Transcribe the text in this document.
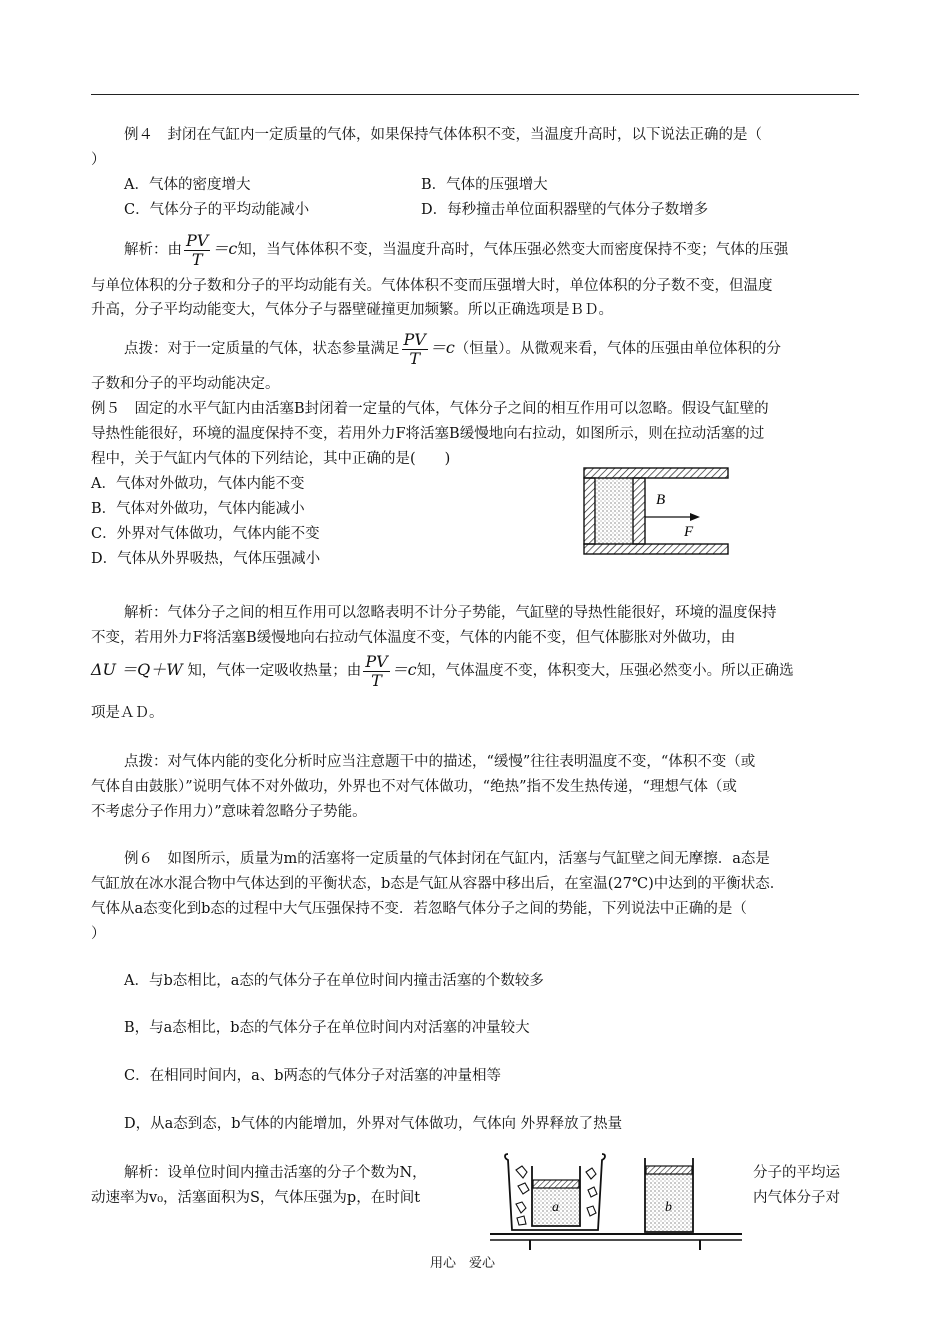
例４　封闭在气缸内一定质量的气体，如果保持气体体积不变，当温度升高时，以下说法正确的是（
）
A．气体的密度增大	B．气体的压强增大
C．气体分子的平均动能减小	D．每秒撞击单位面积器壁的气体分子数增多
解析：由 $\frac{PV}{T} =c$知，当气体体积不变，当温度升高时，气体压强必然变大而密度保持不变；气体的压强
与单位体积的分子数和分子的平均动能有关。气体体积不变而压强增大时，单位体积的分子数不变，但温度
升高，分子平均动能变大，气体分子与器壁碰撞更加频繁。所以正确选项是ＢＤ。
点拨：对于一定质量的气体，状态参量满足 $\frac{PV}{T} =c$（恒量）。从微观来看，气体的压强由单位体积的分
子数和分子的平均动能决定。
例５　固定的水平气缸内由活塞B封闭着一定量的气体，气体分子之间的相互作用可以忽略。假设气缸壁的
导热性能很好，环境的温度保持不变，若用外力F将活塞B缓慢地向右拉动，如图所示，则在拉动活塞的过
程中，关于气缸内气体的下列结论，其中正确的是(　　)
A．气体对外做功，气体内能不变
B．气体对外做功，气体内能减小
C．外界对气体做功，气体内能不变
D．气体从外界吸热，气体压强减小
B
F
解析：气体分子之间的相互作用可以忽略表明不计分子势能，气缸壁的导热性能很好，环境的温度保持
不变，若用外力F将活塞B缓慢地向右拉动气体温度不变，气体的内能不变，但气体膨胀对外做功，由
ΔU ＝Q＋W 知，气体一定吸收热量；由 $\frac{PV}{T} =c$知，气体温度不变，体积变大，压强必然变小。所以正确选
项是ＡＤ。
点拨：对气体内能的变化分析时应当注意题干中的描述，“缓慢”往往表明温度不变，“体积不变（或
气体自由鼓胀）”说明气体不对外做功，外界也不对气体做功，“绝热”指不发生热传递，“理想气体（或
不考虑分子作用力）”意味着忽略分子势能。
例６　如图所示，质量为m的活塞将一定质量的气体封闭在气缸内，活塞与气缸壁之间无摩擦．a态是
气缸放在冰水混合物中气体达到的平衡状态，b态是气缸从容器中移出后，在室温(27℃)中达到的平衡状态．
气体从a态变化到b态的过程中大气压强保持不变．若忽略气体分子之间的势能，下列说法中正确的是（
）
A．与b态相比，a态的气体分子在单位时间内撞击活塞的个数较多
B，与a态相比，b态的气体分子在单位时间内对活塞的冲量较大
C．在相同时间内，a、b两态的气体分子对活塞的冲量相等
D，从a态到态，b气体的内能增加，外界对气体做功，气体向 外界释放了热量
解析：设单位时间内撞击活塞的分子个数为N，	分子的平均运
动速率为v₀，活塞面积为S，气体压强为p，在时间t	内气体分子对
a	b
用心　爱心
